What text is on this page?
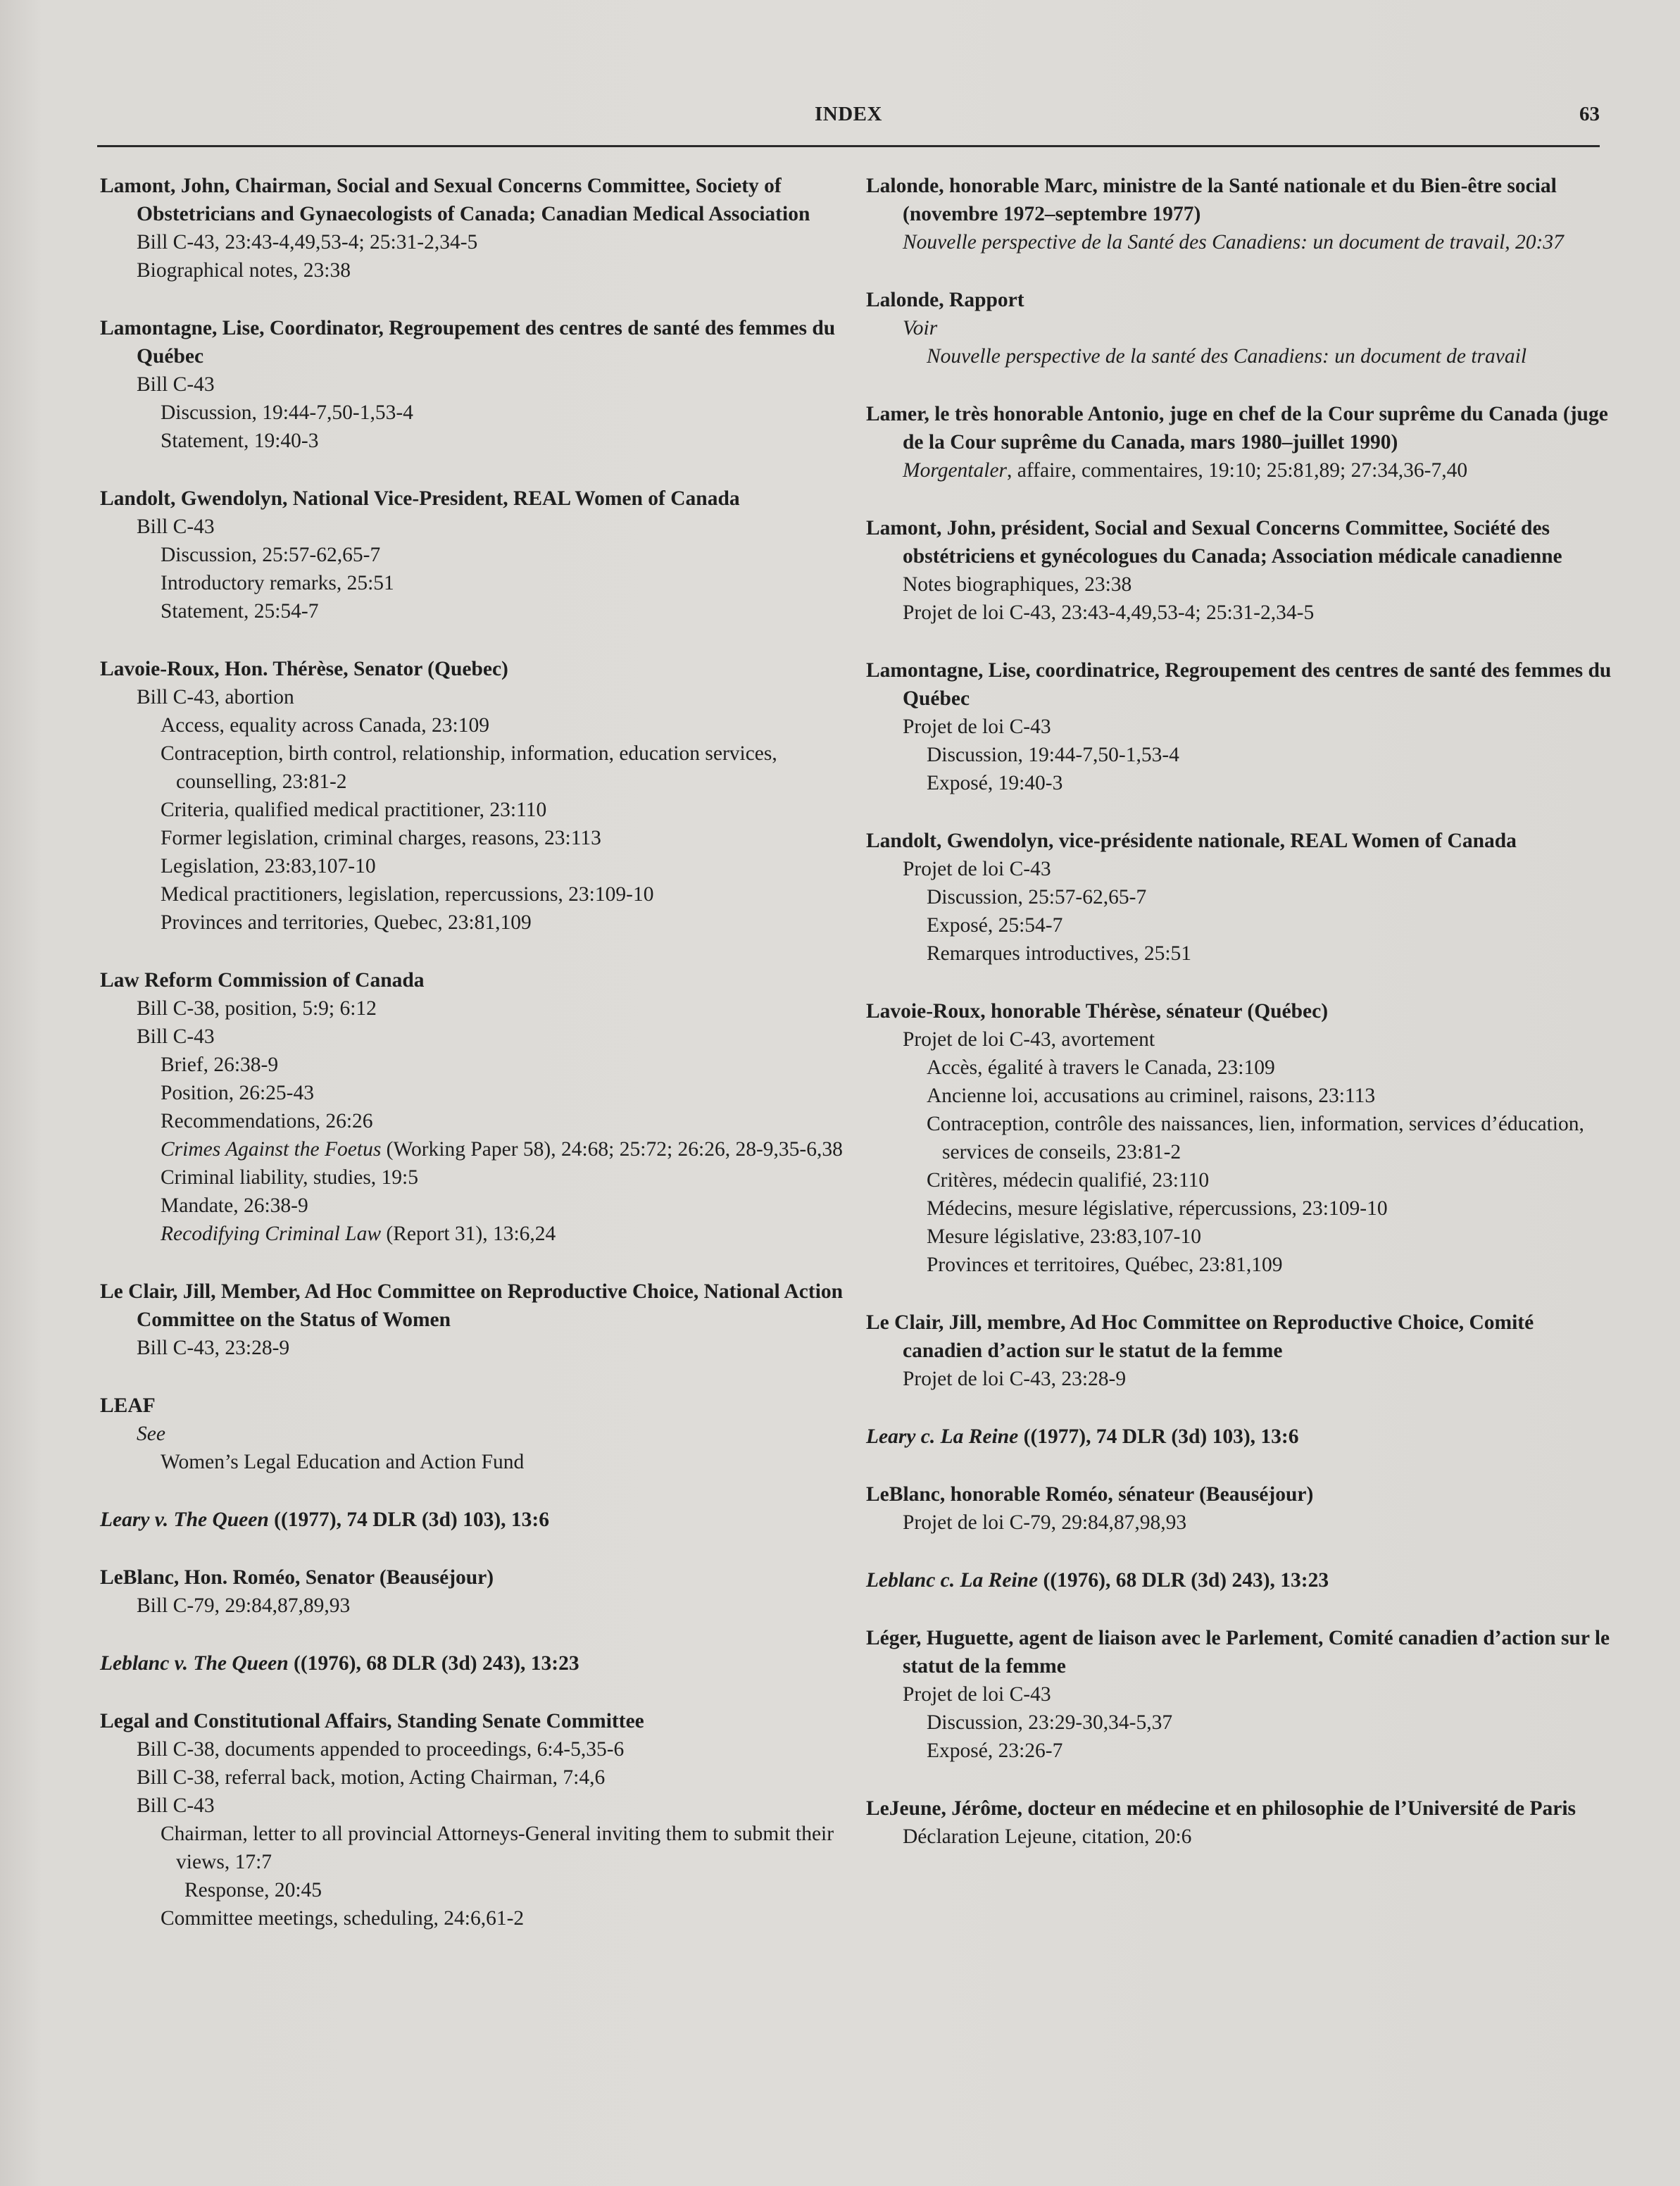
INDEX	63
Lamont, John, Chairman, Social and Sexual Concerns Committee, Society of Obstetricians and Gynaecologists of Canada; Canadian Medical Association
Bill C-43, 23:43-4,49,53-4; 25:31-2,34-5
Biographical notes, 23:38
Lamontagne, Lise, Coordinator, Regroupement des centres de santé des femmes du Québec
Bill C-43
Discussion, 19:44-7,50-1,53-4
Statement, 19:40-3
Landolt, Gwendolyn, National Vice-President, REAL Women of Canada
Bill C-43
Discussion, 25:57-62,65-7
Introductory remarks, 25:51
Statement, 25:54-7
Lavoie-Roux, Hon. Thérèse, Senator (Quebec)
Bill C-43, abortion
Access, equality across Canada, 23:109
Contraception, birth control, relationship, information, education services, counselling, 23:81-2
Criteria, qualified medical practitioner, 23:110
Former legislation, criminal charges, reasons, 23:113
Legislation, 23:83,107-10
Medical practitioners, legislation, repercussions, 23:109-10
Provinces and territories, Quebec, 23:81,109
Law Reform Commission of Canada
Bill C-38, position, 5:9; 6:12
Bill C-43
Brief, 26:38-9
Position, 26:25-43
Recommendations, 26:26
Crimes Against the Foetus (Working Paper 58), 24:68; 25:72; 26:26, 28-9,35-6,38
Criminal liability, studies, 19:5
Mandate, 26:38-9
Recodifying Criminal Law (Report 31), 13:6,24
Le Clair, Jill, Member, Ad Hoc Committee on Reproductive Choice, National Action Committee on the Status of Women
Bill C-43, 23:28-9
LEAF
See
Women’s Legal Education and Action Fund
Leary v. The Queen ((1977), 74 DLR (3d) 103), 13:6
LeBlanc, Hon. Roméo, Senator (Beauséjour)
Bill C-79, 29:84,87,89,93
Leblanc v. The Queen ((1976), 68 DLR (3d) 243), 13:23
Legal and Constitutional Affairs, Standing Senate Committee
Bill C-38, documents appended to proceedings, 6:4-5,35-6
Bill C-38, referral back, motion, Acting Chairman, 7:4,6
Bill C-43
Chairman, letter to all provincial Attorneys-General inviting them to submit their views, 17:7
Response, 20:45
Committee meetings, scheduling, 24:6,61-2
Lalonde, honorable Marc, ministre de la Santé nationale et du Bien-être social (novembre 1972–septembre 1977)
Nouvelle perspective de la Santé des Canadiens: un document de travail, 20:37
Lalonde, Rapport
Voir
Nouvelle perspective de la santé des Canadiens: un document de travail
Lamer, le très honorable Antonio, juge en chef de la Cour suprême du Canada (juge de la Cour suprême du Canada, mars 1980–juillet 1990)
Morgentaler, affaire, commentaires, 19:10; 25:81,89; 27:34,36-7,40
Lamont, John, président, Social and Sexual Concerns Committee, Société des obstétriciens et gynécologues du Canada; Association médicale canadienne
Notes biographiques, 23:38
Projet de loi C-43, 23:43-4,49,53-4; 25:31-2,34-5
Lamontagne, Lise, coordinatrice, Regroupement des centres de santé des femmes du Québec
Projet de loi C-43
Discussion, 19:44-7,50-1,53-4
Exposé, 19:40-3
Landolt, Gwendolyn, vice-présidente nationale, REAL Women of Canada
Projet de loi C-43
Discussion, 25:57-62,65-7
Exposé, 25:54-7
Remarques introductives, 25:51
Lavoie-Roux, honorable Thérèse, sénateur (Québec)
Projet de loi C-43, avortement
Accès, égalité à travers le Canada, 23:109
Ancienne loi, accusations au criminel, raisons, 23:113
Contraception, contrôle des naissances, lien, information, services d’éducation, services de conseils, 23:81-2
Critères, médecin qualifié, 23:110
Médecins, mesure législative, répercussions, 23:109-10
Mesure législative, 23:83,107-10
Provinces et territoires, Québec, 23:81,109
Le Clair, Jill, membre, Ad Hoc Committee on Reproductive Choice, Comité canadien d’action sur le statut de la femme
Projet de loi C-43, 23:28-9
Leary c. La Reine ((1977), 74 DLR (3d) 103), 13:6
LeBlanc, honorable Roméo, sénateur (Beauséjour)
Projet de loi C-79, 29:84,87,98,93
Leblanc c. La Reine ((1976), 68 DLR (3d) 243), 13:23
Léger, Huguette, agent de liaison avec le Parlement, Comité canadien d’action sur le statut de la femme
Projet de loi C-43
Discussion, 23:29-30,34-5,37
Exposé, 23:26-7
LeJeune, Jérôme, docteur en médecine et en philosophie de l’Université de Paris
Déclaration Lejeune, citation, 20:6
